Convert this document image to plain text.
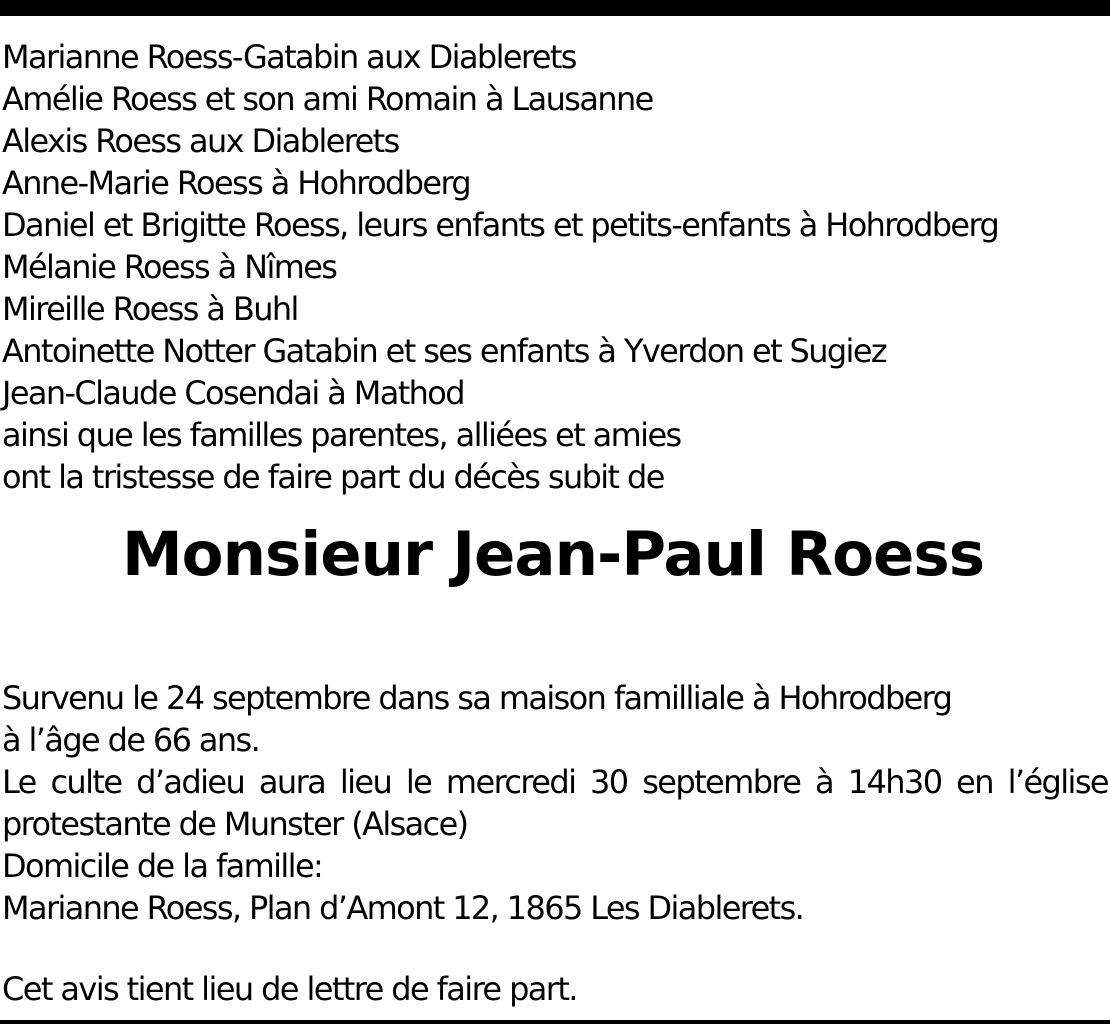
Marianne Roess-Gatabin aux Diablerets
Amélie Roess et son ami Romain à Lausanne
Alexis Roess aux Diablerets
Anne-Marie Roess à Hohrodberg
Daniel et Brigitte Roess, leurs enfants et petits-enfants à Hohrodberg
Mélanie Roess à Nîmes
Mireille Roess à Buhl
Antoinette Notter Gatabin et ses enfants à Yverdon et Sugiez
Jean-Claude Cosendai à Mathod
ainsi que les familles parentes, alliées et amies
ont la tristesse de faire part du décès subit de
Monsieur Jean-Paul Roess
Survenu le 24 septembre dans sa maison familliale à Hohrodberg
à l’âge de 66 ans.
Le culte d’adieu aura lieu le mercredi 30 septembre à 14h30 en l’église
protestante de Munster (Alsace)
Domicile de la famille:
Marianne Roess, Plan d’Amont 12, 1865 Les Diablerets.
Cet avis tient lieu de lettre de faire part.
